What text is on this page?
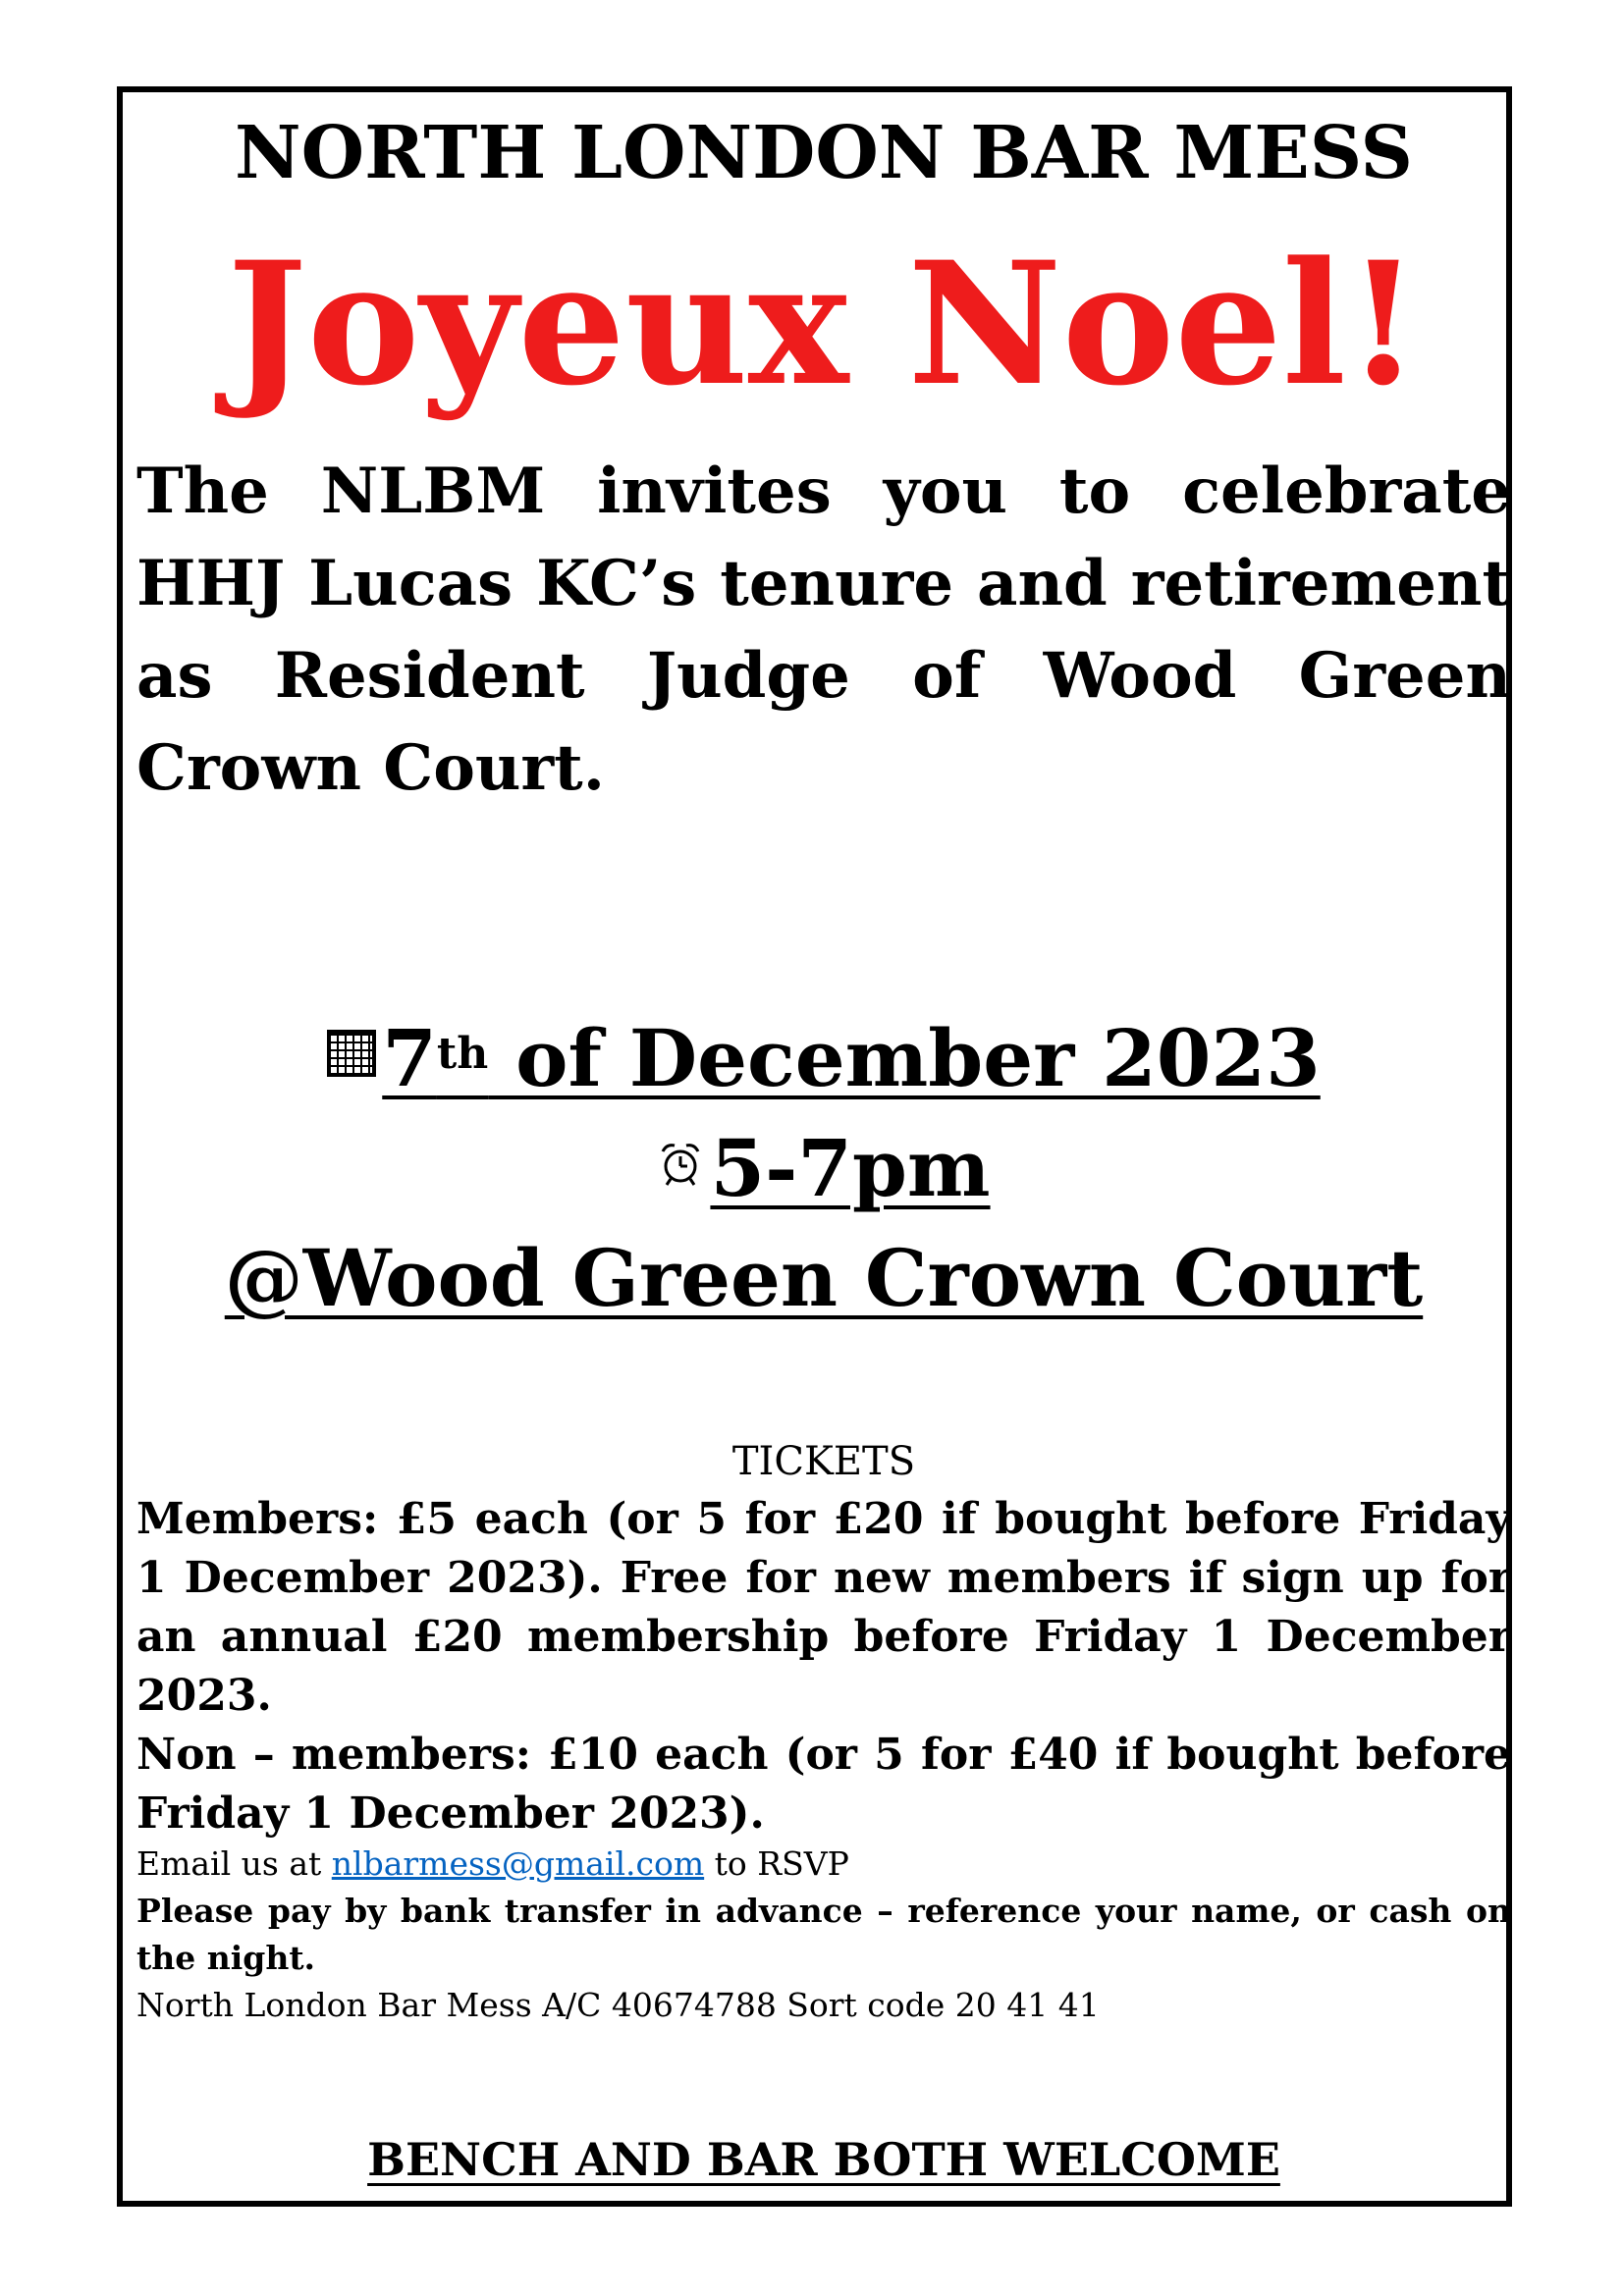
NORTH LONDON BAR MESS
Joyeux Noel!
The NLBM invites you to celebrate HHJ Lucas KC’s tenure and retirement as Resident Judge of Wood Green Crown Court.
7th of December 2023
5-7pm
@Wood Green Crown Court
TICKETS
Members: £5 each (or 5 for £20 if bought before Friday 1 December 2023). Free for new members if sign up for an annual £20 membership before Friday 1 December 2023.
Non – members: £10 each (or 5 for £40 if bought before Friday 1 December 2023).
Email us at nlbarmess@gmail.com to RSVP
Please pay by bank transfer in advance – reference your name, or cash on the night.
North London Bar Mess A/C 40674788 Sort code 20 41 41
BENCH AND BAR BOTH WELCOME
